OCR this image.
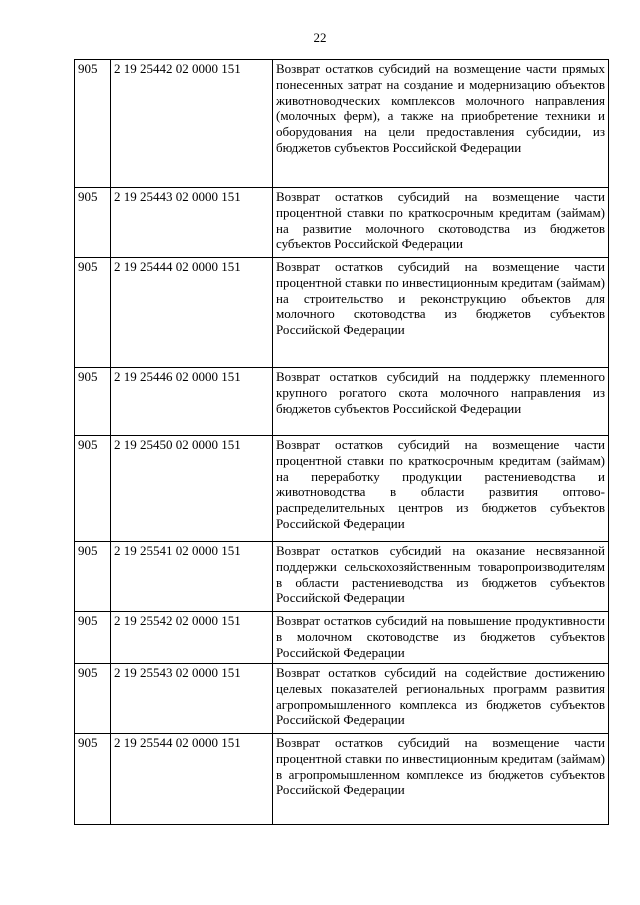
22
905	2 19 25442 02 0000 151	Возврат остатков субсидий на возмещение части прямых понесенных затрат на создание и модернизацию объектов животноводческих комплексов молочного направления (молочных ферм), а также на приобретение техники и оборудования на цели предоставления субсидии, из бюджетов субъектов Российской Федерации
905	2 19 25443 02 0000 151	Возврат остатков субсидий на возмещение части процентной ставки по краткосрочным кредитам (займам) на развитие молочного скотоводства из бюджетов субъектов Российской Федерации
905	2 19 25444 02 0000 151	Возврат остатков субсидий на возмещение части процентной ставки по инвестиционным кредитам (займам) на строительство и реконструкцию объектов для молочного скотоводства из бюджетов субъектов Российской Федерации
905	2 19 25446 02 0000 151	Возврат остатков субсидий на поддержку племенного крупного рогатого скота молочного направления из бюджетов субъектов Российской Федерации
905	2 19 25450 02 0000 151	Возврат остатков субсидий на возмещение части процентной ставки по краткосрочным кредитам (займам) на переработку продукции растениеводства и животноводства в области развития оптово-распределительных центров из бюджетов субъектов Российской Федерации
905	2 19 25541 02 0000 151	Возврат остатков субсидий на оказание несвязанной поддержки сельскохозяйственным товаропроизводителям в области растениеводства из бюджетов субъектов Российской Федерации
905	2 19 25542 02 0000 151	Возврат остатков субсидий на повышение продуктивности в молочном скотоводстве из бюджетов субъектов Российской Федерации
905	2 19 25543 02 0000 151	Возврат остатков субсидий на содействие достижению целевых показателей региональных программ развития агропромышленного комплекса из бюджетов субъектов Российской Федерации
905	2 19 25544 02 0000 151	Возврат остатков субсидий на возмещение части процентной ставки по инвестиционным кредитам (займам) в агропромышленном комплексе из бюджетов субъектов Российской Федерации
